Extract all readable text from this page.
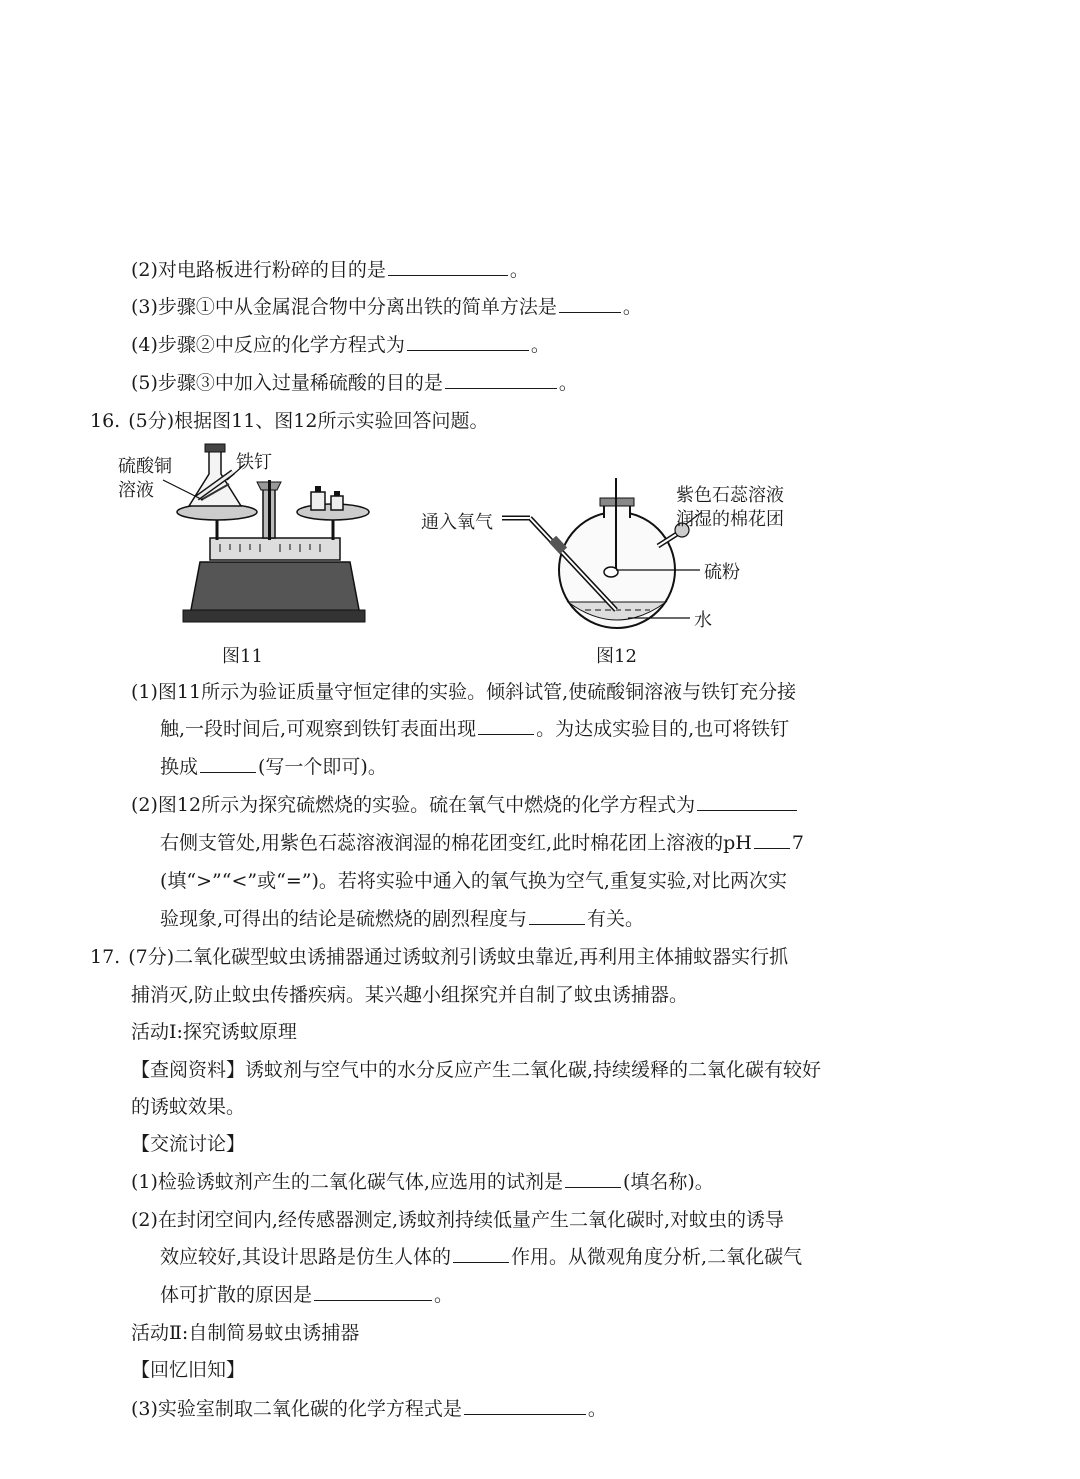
(2)对电路板进行粉碎的目的是	。
(3)步骤①中从金属混合物中分离出铁的简单方法是	。
(4)步骤②中反应的化学方程式为	。
(5)步骤③中加入过量稀硫酸的目的是	。
16. (5分)根据图11、图12所示实验回答问题。
硫酸铜
溶液
铁钉
图11
通入氧气
紫色石蕊溶液
润湿的棉花团
硫粉
水
图12
(1)图11所示为验证质量守恒定律的实验。倾斜试管,使硫酸铜溶液与铁钉充分接
触,一段时间后,可观察到铁钉表面出现	。为达成实验目的,也可将铁钉
换成	(写一个即可)。
(2)图12所示为探究硫燃烧的实验。硫在氧气中燃烧的化学方程式为
右侧支管处,用紫色石蕊溶液润湿的棉花团变红,此时棉花团上溶液的pH 7
(填“>”“<”或“=”)。若将实验中通入的氧气换为空气,重复实验,对比两次实
验现象,可得出的结论是硫燃烧的剧烈程度与	有关。
17. (7分)二氧化碳型蚊虫诱捕器通过诱蚊剂引诱蚊虫靠近,再利用主体捕蚊器实行抓
捕消灭,防止蚊虫传播疾病。某兴趣小组探究并自制了蚊虫诱捕器。
活动Ⅰ:探究诱蚊原理
【查阅资料】诱蚊剂与空气中的水分反应产生二氧化碳,持续缓释的二氧化碳有较好
的诱蚊效果。
【交流讨论】
(1)检验诱蚊剂产生的二氧化碳气体,应选用的试剂是	(填名称)。
(2)在封闭空间内,经传感器测定,诱蚊剂持续低量产生二氧化碳时,对蚊虫的诱导
效应较好,其设计思路是仿生人体的	作用。从微观角度分析,二氧化碳气
体可扩散的原因是	。
活动Ⅱ:自制简易蚊虫诱捕器
【回忆旧知】
(3)实验室制取二氧化碳的化学方程式是	。
